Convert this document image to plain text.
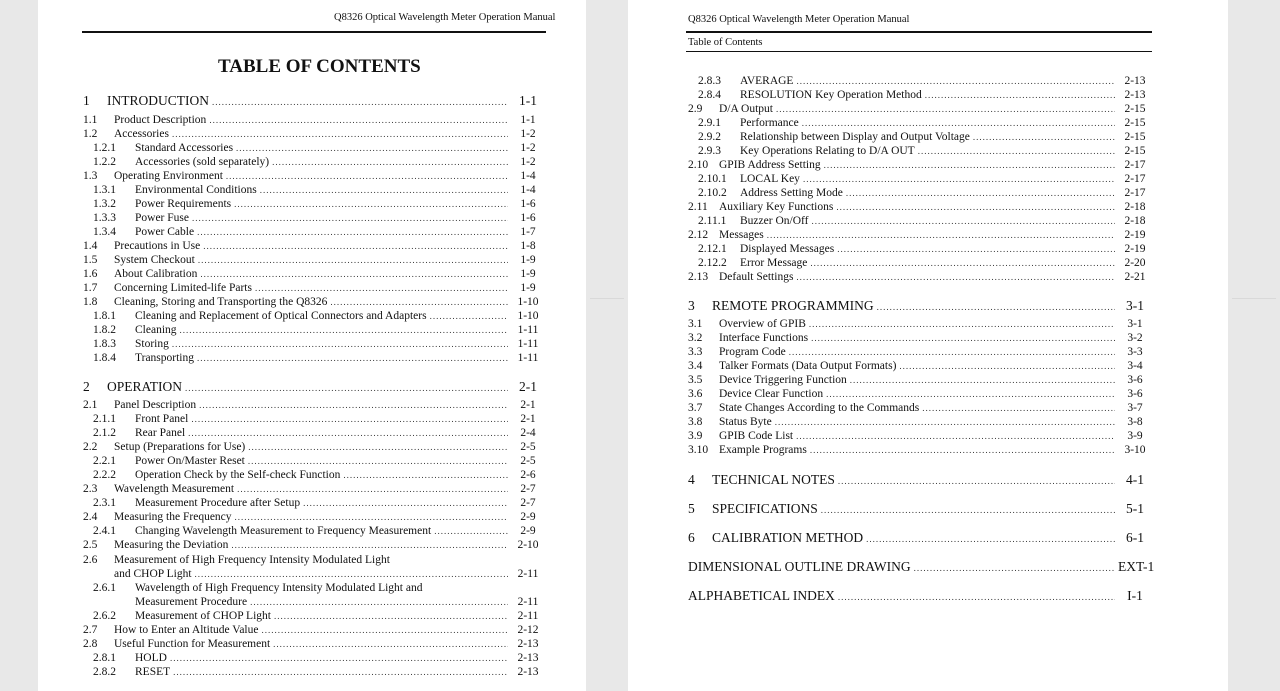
Q8326 Optical Wavelength Meter Operation Manual
TABLE OF CONTENTS
1	INTRODUCTION .....	1-1
1.1	Product Description .....	1-1
1.2	Accessories .....	1-2
1.2.1	Standard Accessories .....	1-2
1.2.2	Accessories (sold separately) .....	1-2
1.3	Operating Environment .....	1-4
1.3.1	Environmental Conditions .....	1-4
1.3.2	Power Requirements .....	1-6
1.3.3	Power Fuse .....	1-6
1.3.4	Power Cable .....	1-7
1.4	Precautions in Use .....	1-8
1.5	System Checkout .....	1-9
1.6	About Calibration .....	1-9
1.7	Concerning Limited-life Parts .....	1-9
1.8	Cleaning, Storing and Transporting the Q8326 .....	1-10
1.8.1	Cleaning and Replacement of Optical Connectors and Adapters .....	1-10
1.8.2	Cleaning .....	1-11
1.8.3	Storing .....	1-11
1.8.4	Transporting .....	1-11
2	OPERATION .....	2-1
2.1	Panel Description .....	2-1
2.1.1	Front Panel .....	2-1
2.1.2	Rear Panel .....	2-4
2.2	Setup (Preparations for Use) .....	2-5
2.2.1	Power On/Master Reset .....	2-5
2.2.2	Operation Check by the Self-check Function .....	2-6
2.3	Wavelength Measurement .....	2-7
2.3.1	Measurement Procedure after Setup .....	2-7
2.4	Measuring the Frequency .....	2-9
2.4.1	Changing Wavelength Measurement to Frequency Measurement .....	2-9
2.5	Measuring the Deviation .....	2-10
2.6	Measurement of High Frequency Intensity Modulated Light
and CHOP Light .....	2-11
2.6.1	Wavelength of High Frequency Intensity Modulated Light and
Measurement Procedure .....	2-11
2.6.2	Measurement of CHOP Light .....	2-11
2.7	How to Enter an Altitude Value .....	2-12
2.8	Useful Function for Measurement .....	2-13
2.8.1	HOLD .....	2-13
2.8.2	RESET .....	2-13
Q8326 Optical Wavelength Meter Operation Manual
Table of Contents
2.8.3	AVERAGE .....	2-13
2.8.4	RESOLUTION Key Operation Method .....	2-13
2.9	D/A Output .....	2-15
2.9.1	Performance .....	2-15
2.9.2	Relationship between Display and Output Voltage .....	2-15
2.9.3	Key Operations Relating to D/A OUT .....	2-15
2.10 GPIB Address Setting .....	2-17
2.10.1	LOCAL Key .....	2-17
2.10.2	Address Setting Mode .....	2-17
2.11 Auxiliary Key Functions .....	2-18
2.11.1	Buzzer On/Off .....	2-18
2.12 Messages .....	2-19
2.12.1	Displayed Messages .....	2-19
2.12.2	Error Message .....	2-20
2.13 Default Settings .....	2-21
3	REMOTE PROGRAMMING .....	3-1
3.1	Overview of GPIB .....	3-1
3.2	Interface Functions .....	3-2
3.3	Program Code .....	3-3
3.4	Talker Formats (Data Output Formats) .....	3-4
3.5	Device Triggering Function .....	3-6
3.6	Device Clear Function .....	3-6
3.7	State Changes According to the Commands .....	3-7
3.8	Status Byte .....	3-8
3.9	GPIB Code List .....	3-9
3.10 Example Programs .....	3-10
4	TECHNICAL NOTES .....	4-1
5	SPECIFICATIONS .....	5-1
6	CALIBRATION METHOD .....	6-1
DIMENSIONAL OUTLINE DRAWING .....	EXT-1
ALPHABETICAL INDEX .....	I-1
